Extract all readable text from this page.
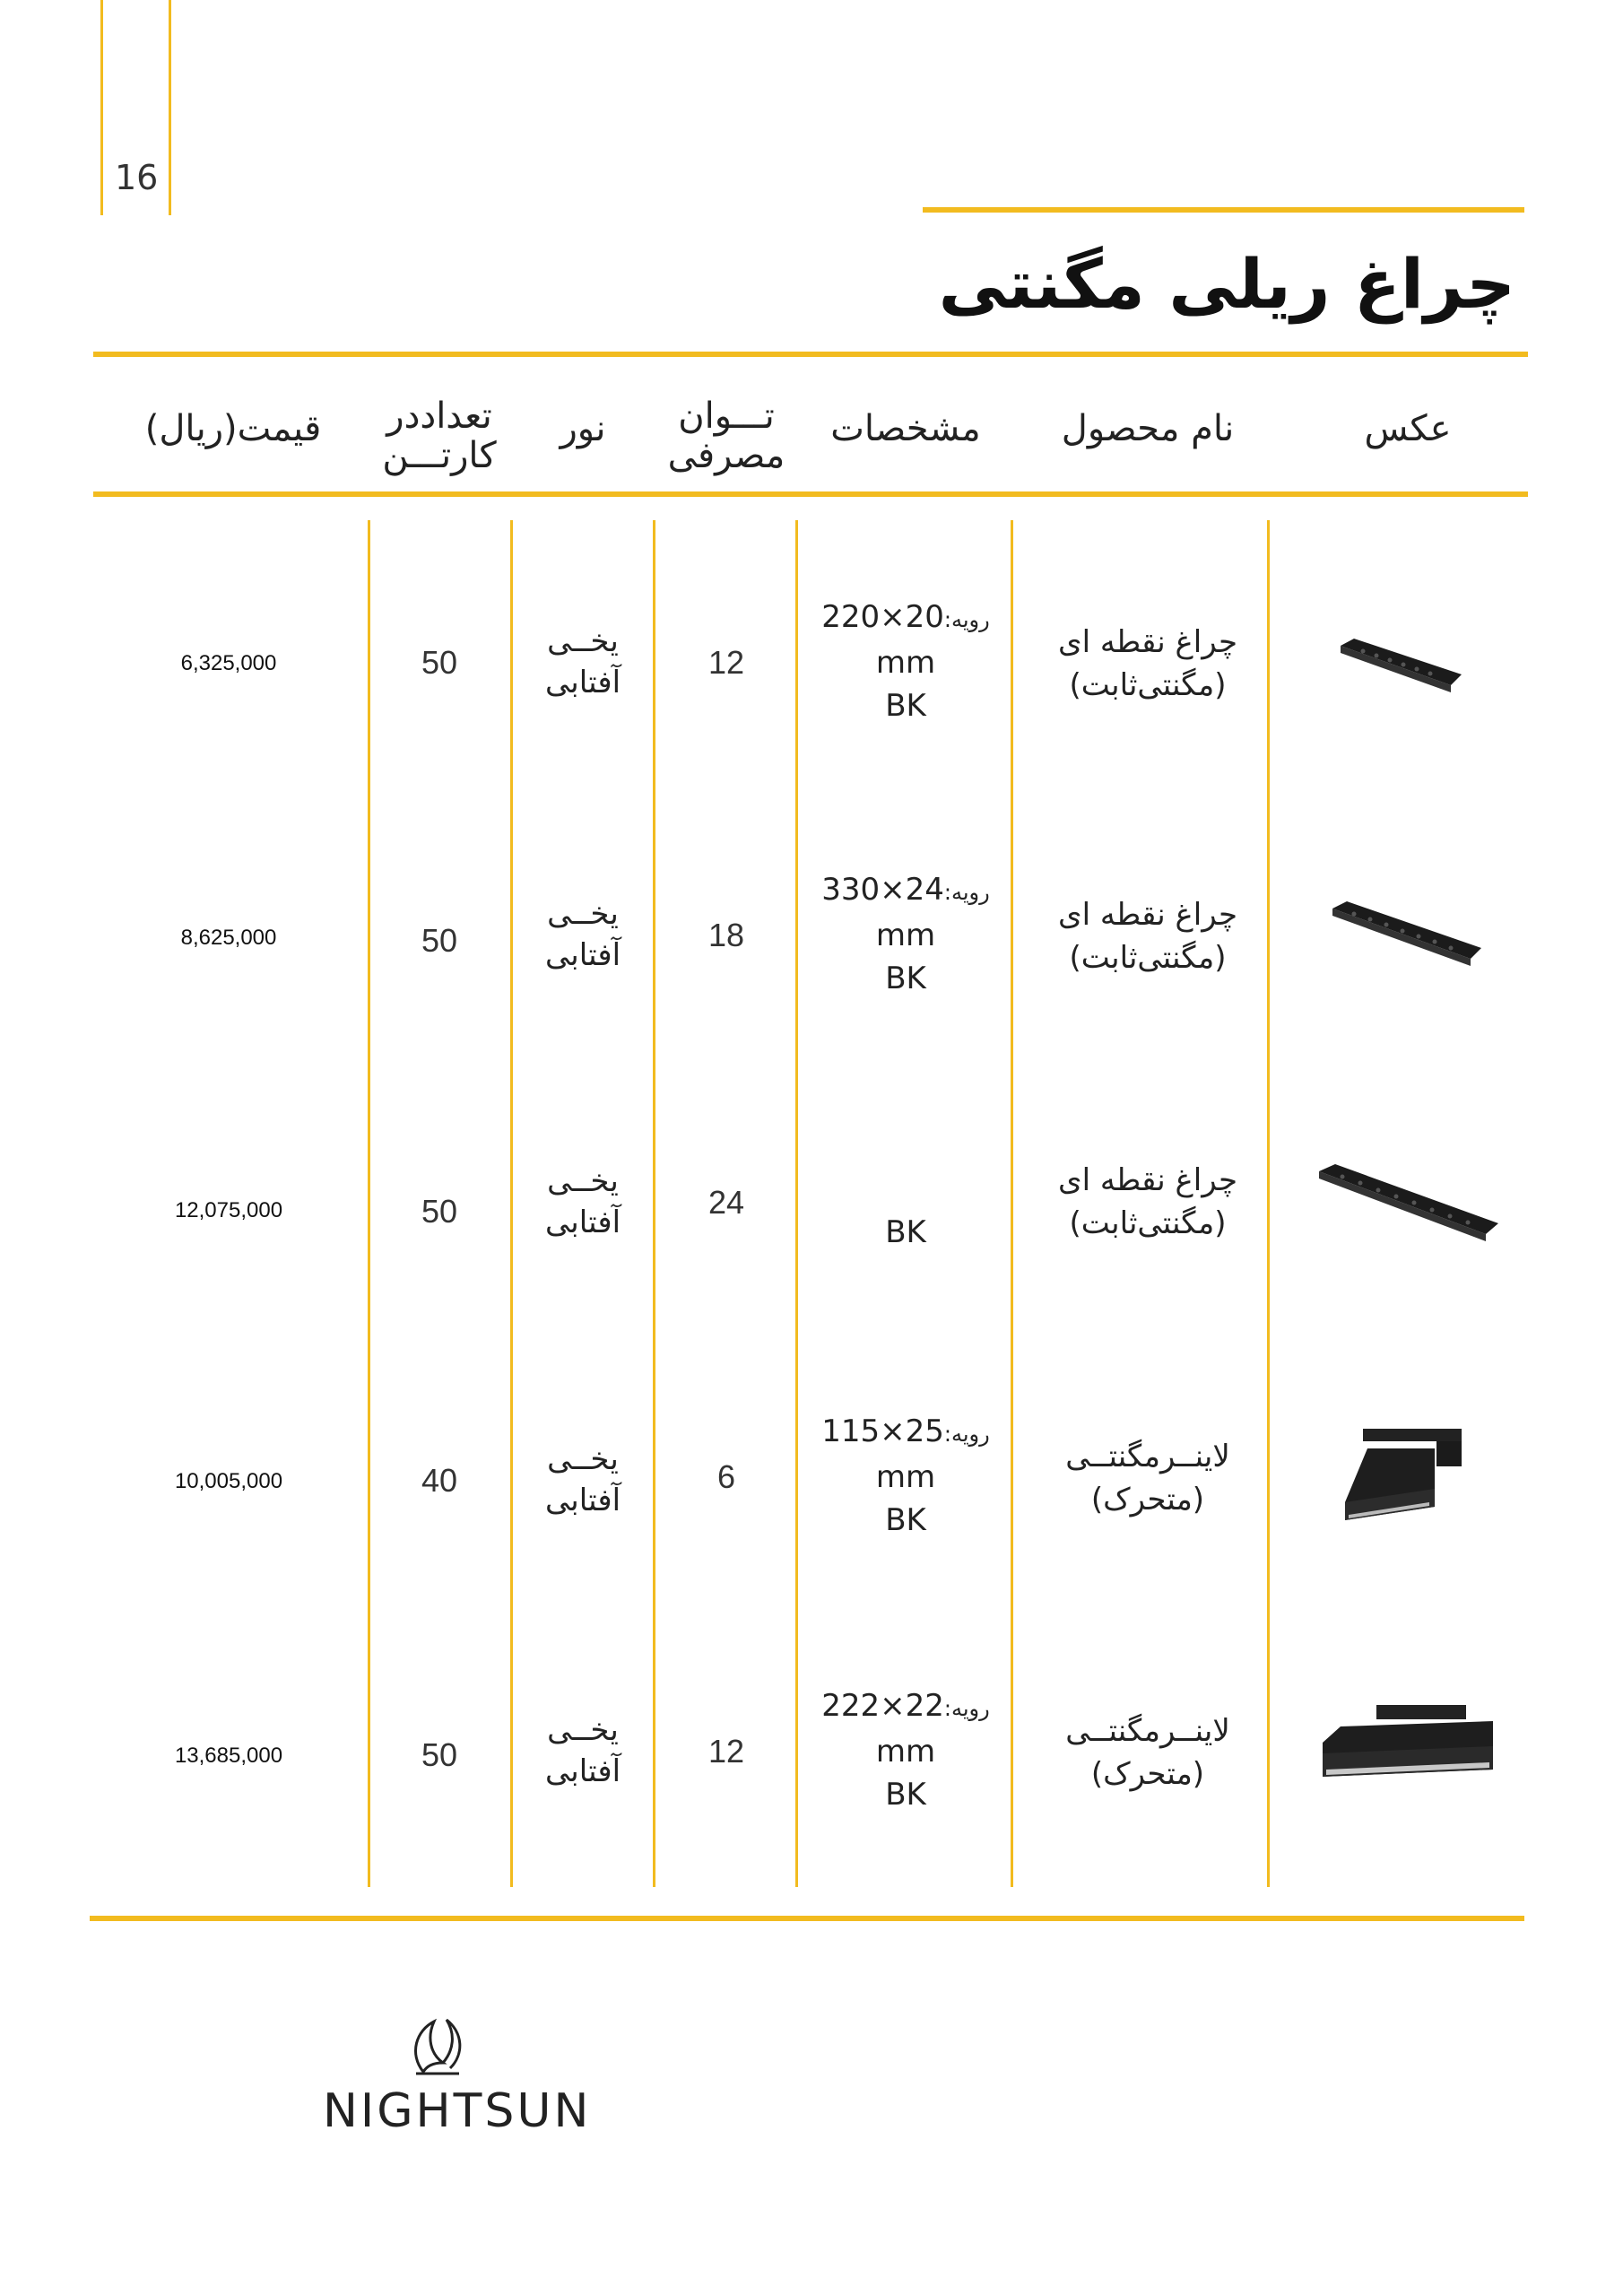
16
چراغ ریلی مگنتی
عکس
نام محصول
مشخصات
تـــوان مصرفی
نور
تعدادد‌ر کارتـــن
قیمت(ریال)
چراغ نقطه ای
(مگنتی‌ثابت)
رویه:20×220
mm
BK
12
یخــی
آفتابی
50
6,325,000
چراغ نقطه ای
(مگنتی‌ثابت)
رویه:24×330
mm
BK
18
یخــی
آفتابی
50
8,625,000
چراغ نقطه ای
(مگنتی‌ثابت)
BK
24
یخــی
آفتابی
50
12,075,000
لاینــرمگنتــی
(متحرک)
رویه:25×115
mm
BK
6
یخــی
آفتابی
40
10,005,000
لاینــرمگنتــی
(متحرک)
رویه:22×222
mm
BK
12
یخــی
آفتابی
50
13,685,000
NIGHTSUN
